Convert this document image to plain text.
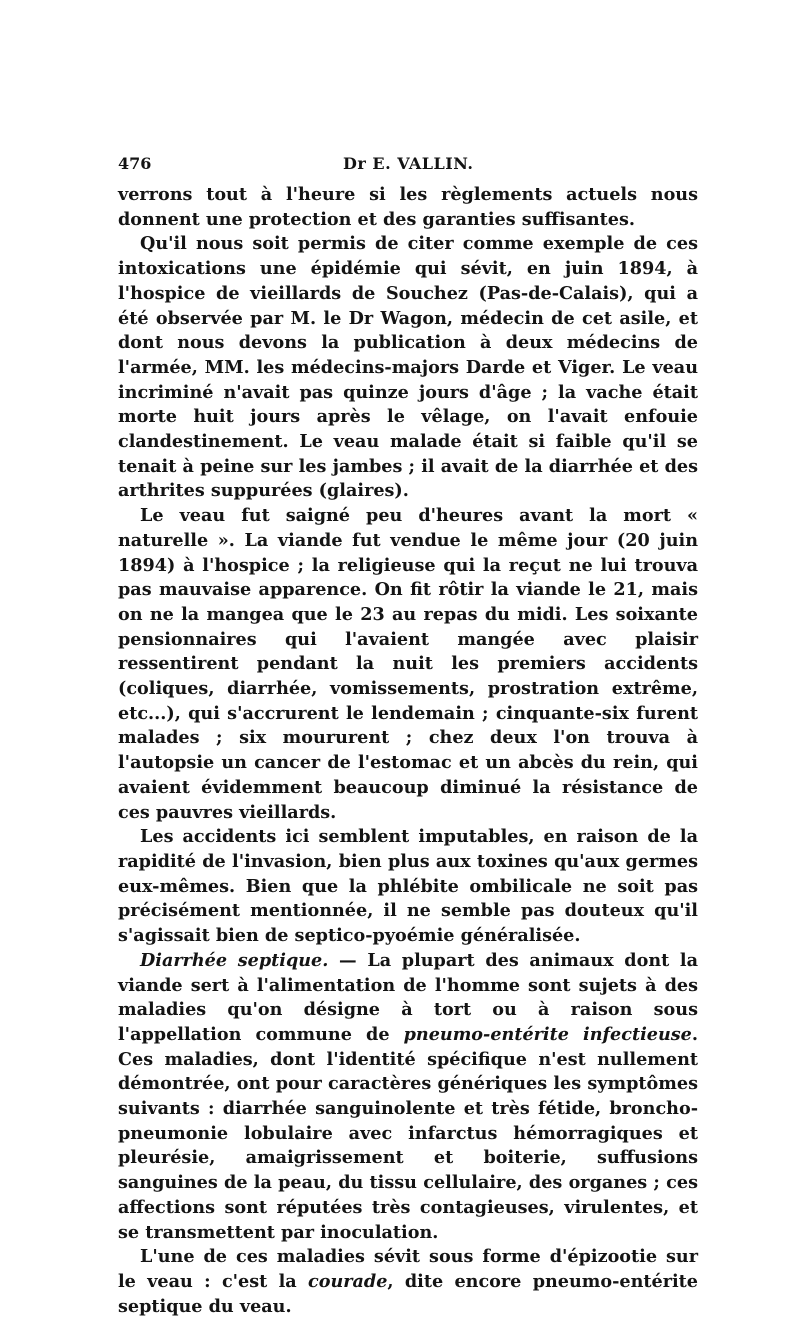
476	Dr E. VALLIN.

verrons tout à l'heure si les règlements actuels nous donnent une protection et des garanties suffisantes.

Qu'il nous soit permis de citer comme exemple de ces intoxications une épidémie qui sévit, en juin 1894, à l'hospice de vieillards de Souchez (Pas-de-Calais), qui a été observée par M. le Dr Wagon, médecin de cet asile, et dont nous devons la publication à deux médecins de l'armée, MM. les médecins-majors Darde et Viger. Le veau incriminé n'avait pas quinze jours d'âge ; la vache était morte huit jours après le vêlage, on l'avait enfouie clandestinement. Le veau malade était si faible qu'il se tenait à peine sur les jambes ; il avait de la diarrhée et des arthrites suppurées (glaires).

Le veau fut saigné peu d'heures avant la mort « naturelle ». La viande fut vendue le même jour (20 juin 1894) à l'hospice ; la religieuse qui la reçut ne lui trouva pas mauvaise apparence. On fit rôtir la viande le 21, mais on ne la mangea que le 23 au repas du midi. Les soixante pensionnaires qui l'avaient mangée avec plaisir ressentirent pendant la nuit les premiers accidents (coliques, diarrhée, vomissements, prostration extrême, etc...), qui s'accrurent le lendemain ; cinquante-six furent malades ; six moururent ; chez deux l'on trouva à l'autopsie un cancer de l'estomac et un abcès du rein, qui avaient évidemment beaucoup diminué la résistance de ces pauvres vieillards.

Les accidents ici semblent imputables, en raison de la rapidité de l'invasion, bien plus aux toxines qu'aux germes eux-mêmes. Bien que la phlébite ombilicale ne soit pas précisément mentionnée, il ne semble pas douteux qu'il s'agissait bien de septico-pyoémie généralisée.

Diarrhée septique. — La plupart des animaux dont la viande sert à l'alimentation de l'homme sont sujets à des maladies qu'on désigne à tort ou à raison sous l'appellation commune de pneumo-entérite infectieuse. Ces maladies, dont l'identité spécifique n'est nullement démontrée, ont pour caractères génériques les symptômes suivants : diarrhée sanguinolente et très fétide, broncho-pneumonie lobulaire avec infarctus hémorragiques et pleurésie, amaigrissement et boiterie, suffusions sanguines de la peau, du tissu cellulaire, des organes ; ces affections sont réputées très contagieuses, virulentes, et se transmettent par inoculation.

L'une de ces maladies sévit sous forme d'épizootie sur le veau : c'est la courade, dite encore pneumo-entérite septique du veau.
